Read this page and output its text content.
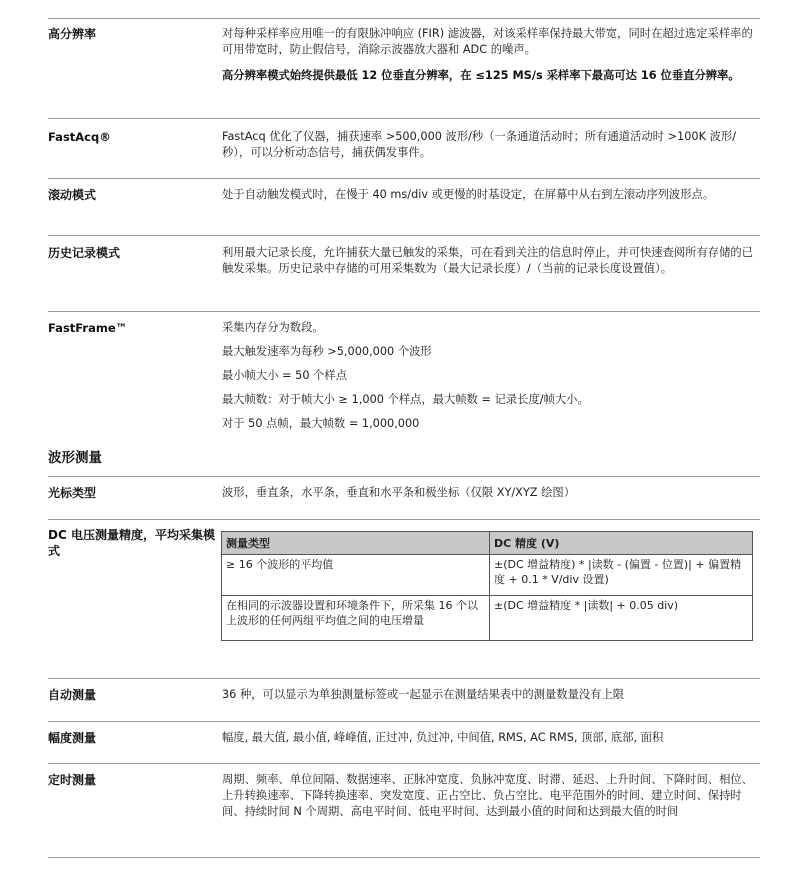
高分辨率	对每种采样率应用唯一的有限脉冲响应 (FIR) 滤波器，对该采样率保持最大带宽，同时在超过选定采样率的可用带宽时，防止假信号，消除示波器放大器和 ADC 的噪声。

高分辨率模式始终提供最低 12 位垂直分辨率，在 ≤125 MS/s 采样率下最高可达 16 位垂直分辨率。

FastAcq®	FastAcq 优化了仪器，捕获速率 >500,000 波形/秒（一条通道活动时；所有通道活动时 >100K 波形/秒），可以分析动态信号，捕获偶发事件。

滚动模式	处于自动触发模式时，在慢于 40 ms/div 或更慢的时基设定，在屏幕中从右到左滚动序列波形点。

历史记录模式	利用最大记录长度，允许捕获大量已触发的采集，可在看到关注的信息时停止，并可快速查阅所有存储的已触发采集。历史记录中存储的可用采集数为（最大记录长度）/（当前的记录长度设置值）。

FastFrame™	采集内存分为数段。

最大触发速率为每秒 >5,000,000 个波形

最小帧大小 = 50 个样点

最大帧数：对于帧大小 ≥ 1,000 个样点，最大帧数 = 记录长度/帧大小。

对于 50 点帧，最大帧数 = 1,000,000

波形测量
光标类型	波形，垂直条，水平条，垂直和水平条和极坐标（仅限 XY/XYZ 绘图）

DC 电压测量精度，平均采集模式
测量类型	DC 精度 (V)
≥ 16 个波形的平均值	±(DC 增益精度) * |读数 - (偏置 - 位置)| + 偏置精度 + 0.1 * V/div 设置)
在相同的示波器设置和环境条件下，所采集 16 个以上波形的任何两组平均值之间的电压增量	±(DC 增益精度 * |读数| + 0.05 div)
自动测量	36 种，可以显示为单独测量标签或一起显示在测量结果表中的测量数量没有上限

幅度测量	幅度, 最大值, 最小值, 峰峰值, 正过冲, 负过冲, 中间值, RMS, AC RMS, 顶部, 底部, 面积

定时测量	周期、频率、单位间隔、数据速率、正脉冲宽度、负脉冲宽度、时滞、延迟、上升时间、下降时间、相位、上升转换速率、下降转换速率、突发宽度、正占空比、负占空比、电平范围外的时间、建立时间、保持时间、持续时间 N 个周期、高电平时间、低电平时间、达到最小值的时间和达到最大值的时间
